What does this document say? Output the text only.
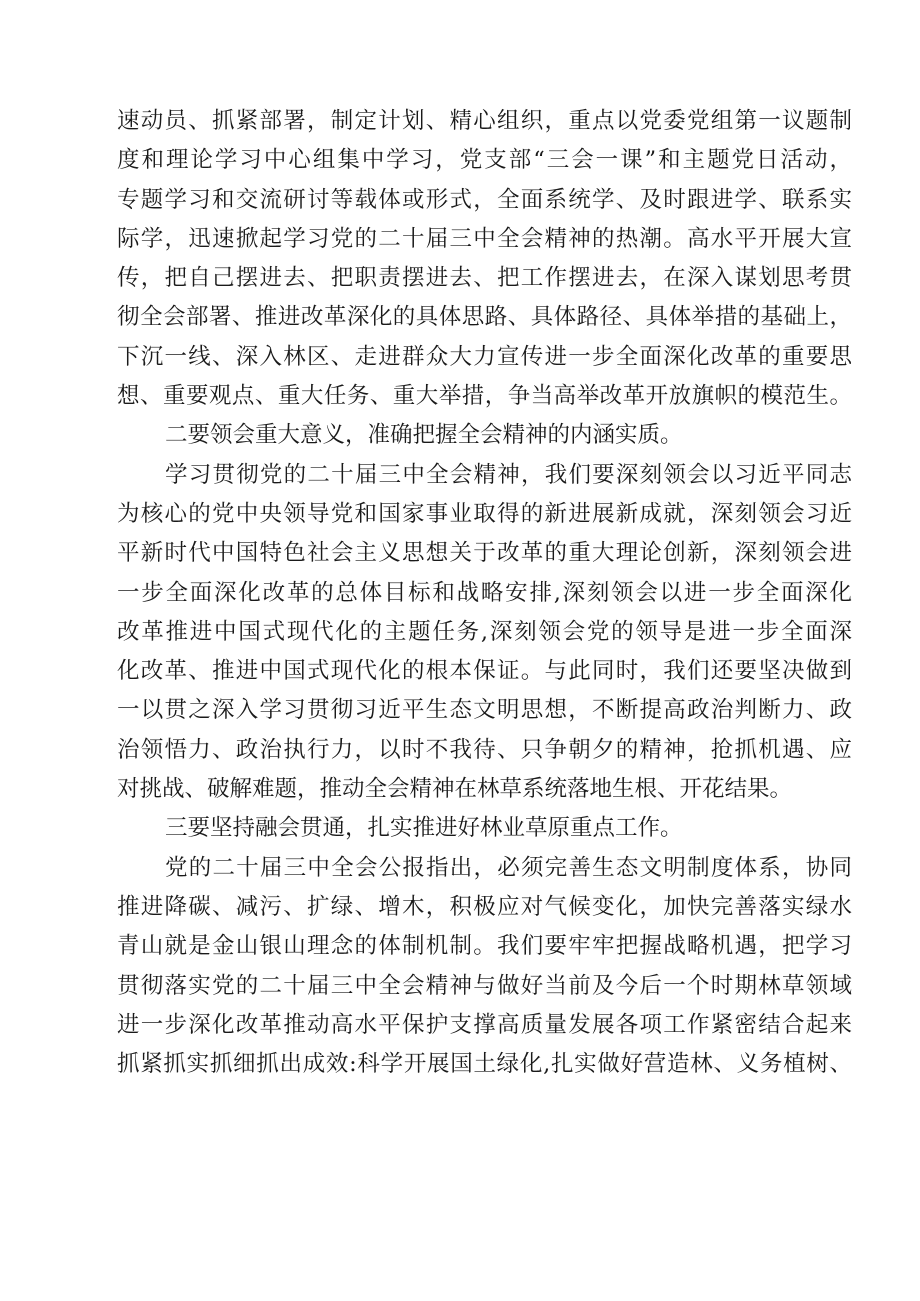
速动员、抓紧部署，制定计划、精心组织，重点以党委党组第一议题制
度和理论学习中心组集中学习，党支部“三会一课”和主题党日活动，
专题学习和交流研讨等载体或形式，全面系统学、及时跟进学、联系实
际学，迅速掀起学习党的二十届三中全会精神的热潮。高水平开展大宣
传，把自己摆进去、把职责摆进去、把工作摆进去，在深入谋划思考贯
彻全会部署、推进改革深化的具体思路、具体路径、具体举措的基础上，
下沉一线、深入林区、走进群众大力宣传进一步全面深化改革的重要思
想、重要观点、重大任务、重大举措，争当高举改革开放旗帜的模范生。
二要领会重大意义，准确把握全会精神的内涵实质。
学习贯彻党的二十届三中全会精神，我们要深刻领会以习近平同志
为核心的党中央领导党和国家事业取得的新进展新成就，深刻领会习近
平新时代中国特色社会主义思想关于改革的重大理论创新，深刻领会进
一步全面深化改革的总体目标和战略安排,深刻领会以进一步全面深化
改革推进中国式现代化的主题任务,深刻领会党的领导是进一步全面深
化改革、推进中国式现代化的根本保证。与此同时，我们还要坚决做到
一以贯之深入学习贯彻习近平生态文明思想，不断提高政治判断力、政
治领悟力、政治执行力，以时不我待、只争朝夕的精神，抢抓机遇、应
对挑战、破解难题，推动全会精神在林草系统落地生根、开花结果。
三要坚持融会贯通，扎实推进好林业草原重点工作。
党的二十届三中全会公报指出，必须完善生态文明制度体系，协同
推进降碳、减污、扩绿、增木，积极应对气候变化，加快完善落实绿水
青山就是金山银山理念的体制机制。我们要牢牢把握战略机遇，把学习
贯彻落实党的二十届三中全会精神与做好当前及今后一个时期林草领域
进一步深化改革推动高水平保护支撑高质量发展各项工作紧密结合起来
抓紧抓实抓细抓出成效:科学开展国土绿化,扎实做好营造林、义务植树、
